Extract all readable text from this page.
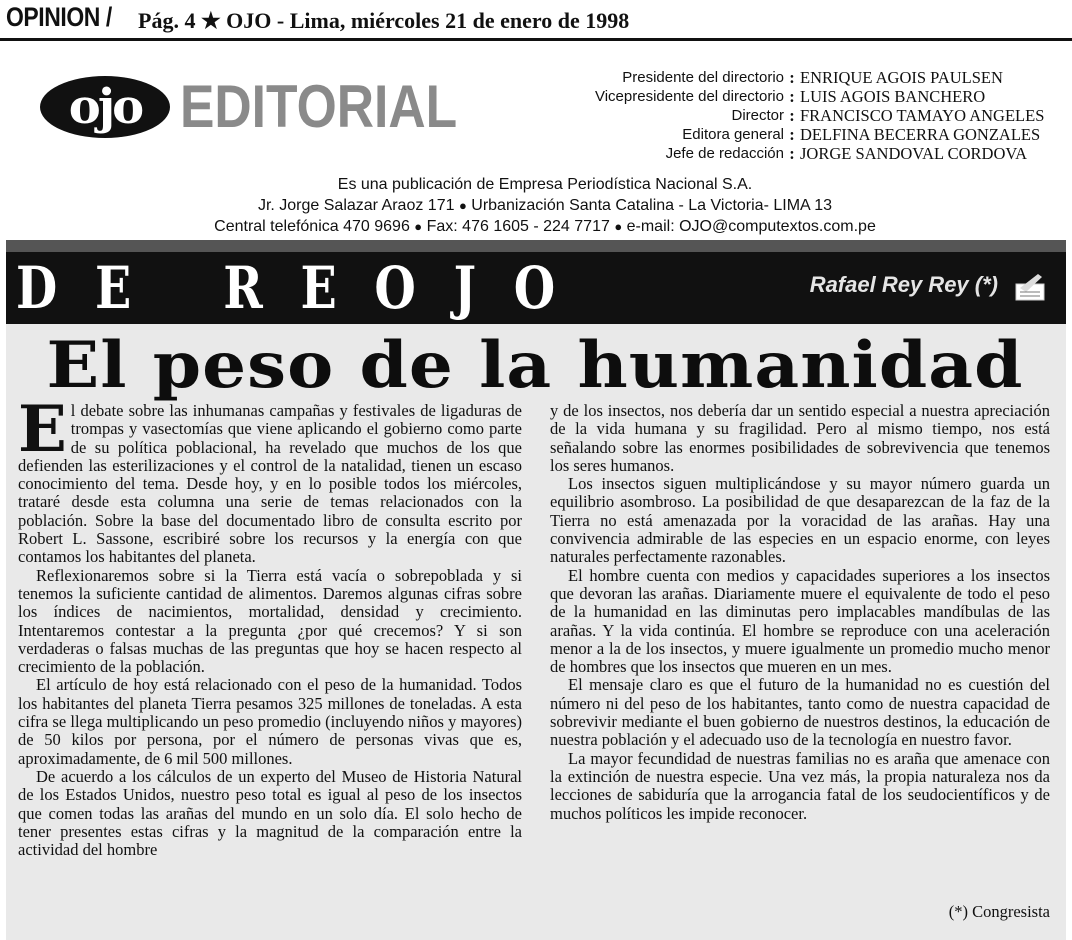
OPINION / Pág. 4 ★ OJO - Lima, miércoles 21 de enero de 1998
ojo EDITORIAL	Presidente del directorio : ENRIQUE AGOIS PAULSEN
Vicepresidente del directorio : LUIS AGOIS BANCHERO
Director : FRANCISCO TAMAYO ANGELES
Editora general : DELFINA BECERRA GONZALES
Jefe de redacción : JORGE SANDOVAL CORDOVA
Es una publicación de Empresa Periodística Nacional S.A.
Jr. Jorge Salazar Araoz 171 ● Urbanización Santa Catalina - La Victoria- LIMA 13
Central telefónica 470 9696 ● Fax: 476 1605 - 224 7717 ● e-mail: OJO@computextos.com.pe
DE REOJO	Rafael Rey Rey (*)
El peso de la humanidad

El debate sobre las inhumanas campañas y festivales de ligaduras de trompas y vasectomías que viene aplicando el gobierno como parte de su política poblacional, ha revelado que muchos de los que defienden las esterilizaciones y el control de la natalidad, tienen un escaso conocimiento del tema. Desde hoy, y en lo posible todos los miércoles, trataré desde esta columna una serie de temas relacionados con la población. Sobre la base del documentado libro de consulta escrito por Robert L. Sassone, escribiré sobre los recursos y la energía con que contamos los habitantes del planeta.

Reflexionaremos sobre si la Tierra está vacía o sobrepoblada y si tenemos la suficiente cantidad de alimentos. Daremos algunas cifras sobre los índices de nacimientos, mortalidad, densidad y crecimiento. Intentaremos contestar a la pregunta ¿por qué crecemos? Y si son verdaderas o falsas muchas de las preguntas que hoy se hacen respecto al crecimiento de la población.

El artículo de hoy está relacionado con el peso de la humanidad. Todos los habitantes del planeta Tierra pesamos 325 millones de toneladas. A esta cifra se llega multiplicando un peso promedio (incluyendo niños y mayores) de 50 kilos por persona, por el número de personas vivas que es, aproximadamente, de 6 mil 500 millones.

De acuerdo a los cálculos de un experto del Museo de Historia Natural de los Estados Unidos, nuestro peso total es igual al peso de los insectos que comen todas las arañas del mundo en un solo día. El solo hecho de tener presentes estas cifras y la magnitud de la comparación entre la actividad del hombre

y de los insectos, nos debería dar un sentido especial a nuestra apreciación de la vida humana y su fragilidad. Pero al mismo tiempo, nos está señalando sobre las enormes posibilidades de sobrevivencia que tenemos los seres humanos.

Los insectos siguen multiplicándose y su mayor número guarda un equilibrio asombroso. La posibilidad de que desaparezcan de la faz de la Tierra no está amenazada por la voracidad de las arañas. Hay una convivencia admirable de las especies en un espacio enorme, con leyes naturales perfectamente razonables.

El hombre cuenta con medios y capacidades superiores a los insectos que devoran las arañas. Diariamente muere el equivalente de todo el peso de la humanidad en las diminutas pero implacables mandíbulas de las arañas. Y la vida continúa. El hombre se reproduce con una aceleración menor a la de los insectos, y muere igualmente un promedio mucho menor de hombres que los insectos que mueren en un mes.

El mensaje claro es que el futuro de la humanidad no es cuestión del número ni del peso de los habitantes, tanto como de nuestra capacidad de sobrevivir mediante el buen gobierno de nuestros destinos, la educación de nuestra población y el adecuado uso de la tecnología en nuestro favor.

La mayor fecundidad de nuestras familias no es araña que amenace con la extinción de nuestra especie. Una vez más, la propia naturaleza nos da lecciones de sabiduría que la arrogancia fatal de los seudocientíficos y de muchos políticos les impide reconocer.

(*) Congresista
